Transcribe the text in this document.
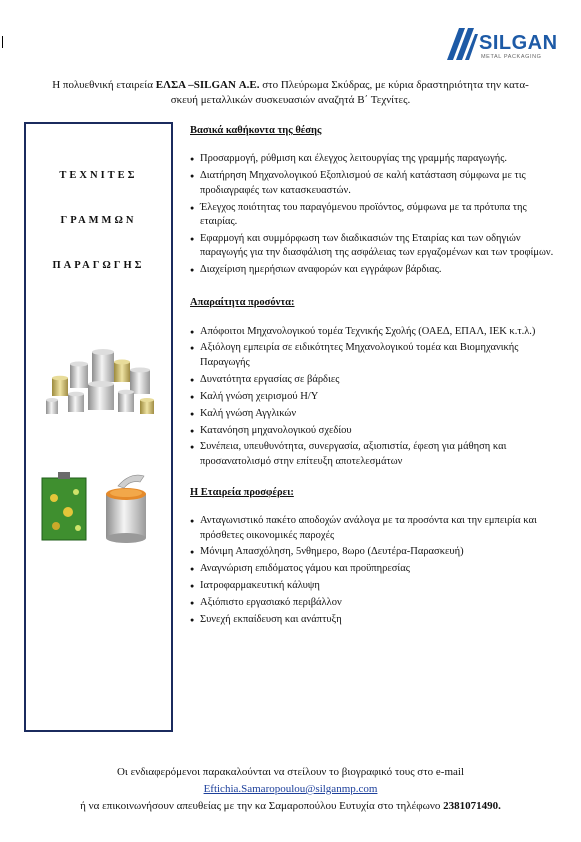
SILGAN
METAL PACKAGING
Η πολυεθνική εταιρεία ΕΛΣΑ –SILGAN Α.Ε. στο Πλεύρωμα Σκύδρας, με κύρια δραστηριότητα την κατα-
σκευή μεταλλικών συσκευασιών αναζητά Β΄ Τεχνίτες.
ΤΕΧΝΙΤΕΣ
ΓΡΑΜΜΩΝ
ΠΑΡΑΓΩΓΗΣ
Βασικά καθήκοντα της θέσης
● Προσαρμογή, ρύθμιση και έλεγχος λειτουργίας της γραμμής παραγωγής.
● Διατήρηση Μηχανολογικού Εξοπλισμού σε καλή κατάσταση σύμφωνα με τις προδιαγραφές των κατασκευαστών.
● Έλεγχος ποιότητας του παραγόμενου προϊόντος, σύμφωνα με τα πρότυπα της εταιρίας.
● Εφαρμογή και συμμόρφωση των διαδικασιών της Εταιρίας και των οδηγιών παραγωγής για την διασφάλιση της ασφάλειας των εργαζομένων και των τροφίμων.
● Διαχείριση ημερήσιων αναφορών και εγγράφων βάρδιας.
Απαραίτητα προσόντα:
● Απόφοιτοι Μηχανολογικού τομέα Τεχνικής Σχολής (ΟΑΕΔ, ΕΠΑΛ, ΙΕΚ κ.τ.λ.)
● Αξιόλογη εμπειρία σε ειδικότητες Μηχανολογικού τομέα και Βιομηχανικής Παραγωγής
● Δυνατότητα εργασίας σε βάρδιες
● Καλή γνώση χειρισμού Η/Υ
● Καλή γνώση Αγγλικών
● Κατανόηση μηχανολογικού σχεδίου
● Συνέπεια, υπευθυνότητα, συνεργασία, αξιοπιστία, έφεση για μάθηση και προσανατολισμό στην επίτευξη αποτελεσμάτων
Η Εταιρεία προσφέρει:
● Ανταγωνιστικό πακέτο αποδοχών ανάλογα με τα προσόντα και την εμπειρία και πρόσθετες οικονομικές παροχές
● Μόνιμη Απασχόληση, 5νθημερο, 8ωρο (Δευτέρα-Παρασκευή)
● Αναγνώριση επιδόματος γάμου και προϋπηρεσίας
● Ιατροφαρμακευτική κάλυψη
● Αξιόπιστο εργασιακό περιβάλλον
● Συνεχή εκπαίδευση και ανάπτυξη
Οι ενδιαφερόμενοι παρακαλούνται να στείλουν το βιογραφικό τους στο e-mail
Eftichia.Samaropoulou@silganmp.com
ή να επικοινωνήσουν απευθείας με την κα Σαμαροπούλου Ευτυχία στο τηλέφωνο 2381071490.
